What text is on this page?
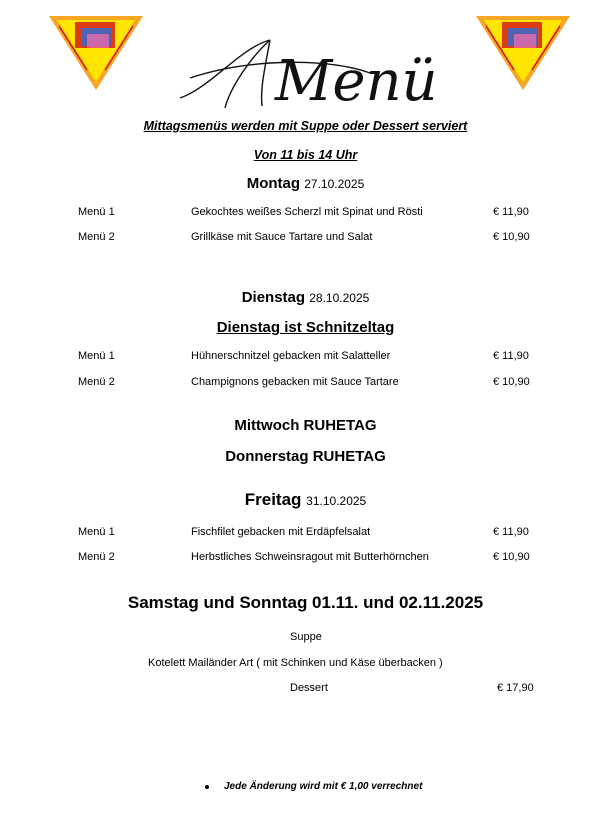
Menü
Mittagsmenüs werden mit Suppe oder Dessert serviert
Von 11 bis 14 Uhr
Montag 27.10.2025
Menü 1	Gekochtes weißes Scherzl mit Spinat und Rösti	€ 11,90
Menü 2	Grillkäse mit Sauce Tartare und Salat	€ 10,90
Dienstag 28.10.2025
Dienstag ist Schnitzeltag
Menü 1	Hühnerschnitzel gebacken mit Salatteller	€ 11,90
Menü 2	Champignons gebacken mit Sauce Tartare	€ 10,90
Mittwoch RUHETAG
Donnerstag RUHETAG
Freitag 31.10.2025
Menü 1	Fischfilet gebacken mit Erdäpfelsalat	€ 11,90
Menü 2	Herbstliches Schweinsragout mit Butterhörnchen	€ 10,90
Samstag und Sonntag 01.11. und 02.11.2025
Suppe
Kotelett Mailänder Art ( mit Schinken und Käse überbacken )
Dessert	€ 17,90
Jede Änderung wird mit € 1,00 verrechnet
